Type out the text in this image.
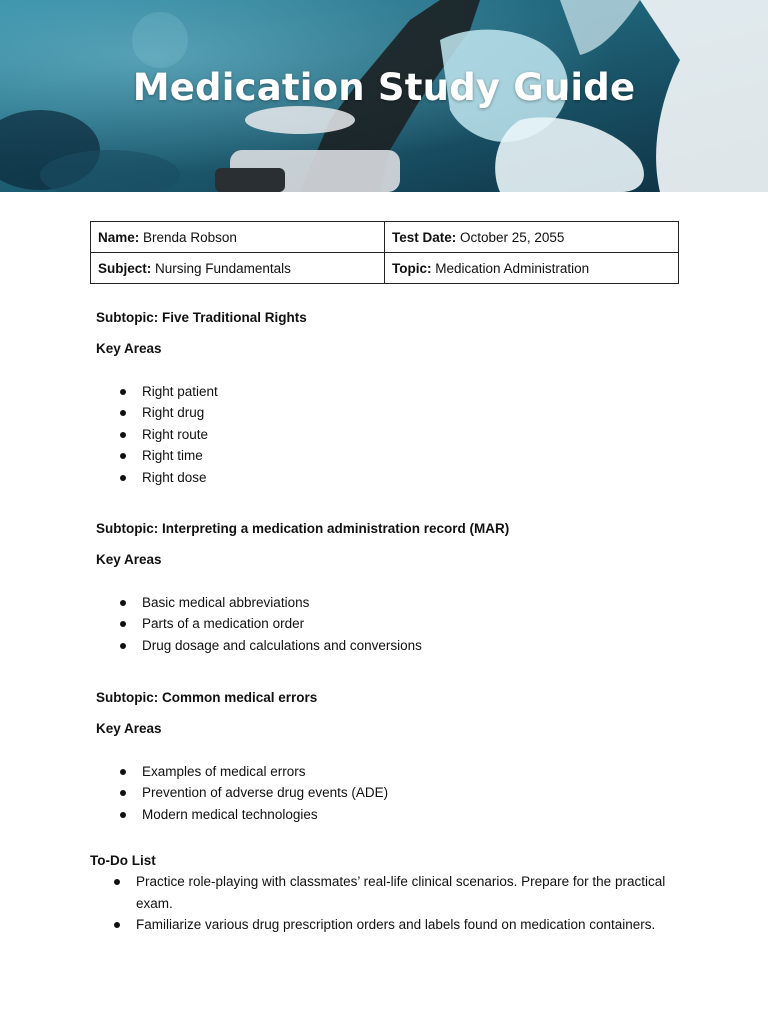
Medication Study Guide
Name: Brenda Robson	Test Date: October 25, 2055
Subject: Nursing Fundamentals	Topic: Medication Administration

Subtopic: Five Traditional Rights

Key Areas

Right patient
Right drug
Right route
Right time
Right dose

Subtopic: Interpreting a medication administration record (MAR)

Key Areas

Basic medical abbreviations
Parts of a medication order
Drug dosage and calculations and conversions

Subtopic: Common medical errors

Key Areas

Examples of medical errors
Prevention of adverse drug events (ADE)
Modern medical technologies
To-Do List
Practice role-playing with classmates’ real-life clinical scenarios. Prepare for the practical exam.
Familiarize various drug prescription orders and labels found on medication containers.
